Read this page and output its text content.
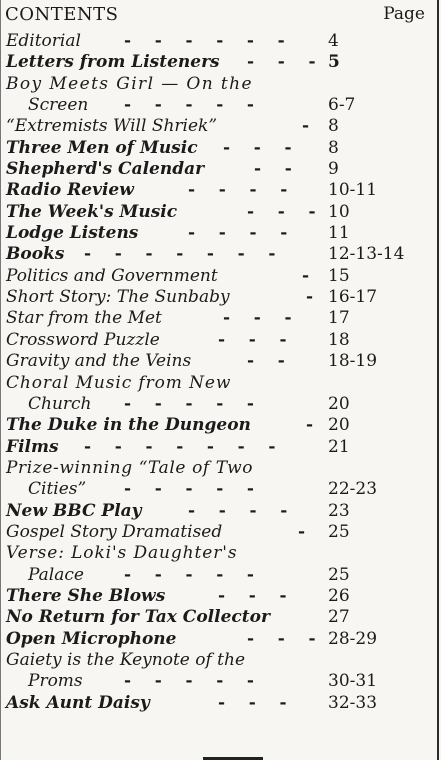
CONTENTS	Page
Editorial	-    -    -    -    -    -	4
Letters from Listeners -    -    - 5
Boy Meets Girl — On the
Screen -    -    -    -    -	6-7
“Extremists Will Shriek”	- 8
Three Men of Music -    -    - 8
Shepherd's Calendar	-    - 9
Radio Review	-    -    -    - 10-11
The Week's Music	-    -    - 10
Lodge Listens	-    -    -    - 11
Books -    -    -    -    -    -    -	12-13-14
Politics and Government	- 15
Short Story: The Sunbaby	- 16-17
Star from the Met	-    -    - 17
Crossword Puzzle	-    -    - 18
Gravity and the Veins	-    -	18-19
Choral Music from New
Church -    -    -    -    -	20
The Duke in the Dungeon	- 20
Films -    -    -    -    -    -    -	21
Prize-winning “Tale of Two
Cities” -    -    -    -    -	22-23
New BBC Play	-    -    -    - 23
Gospel Story Dramatised	- 25
Verse: Loki's Daughter's
Palace -    -    -    -    -	25
There She Blows	-    -    - 26
No Return for Tax Collector	27
Open Microphone	-    -    - 28-29
Gaiety is the Keynote of the
Proms -    -    -    -    -	30-31
Ask Aunt Daisy	-    -    - 32-33
